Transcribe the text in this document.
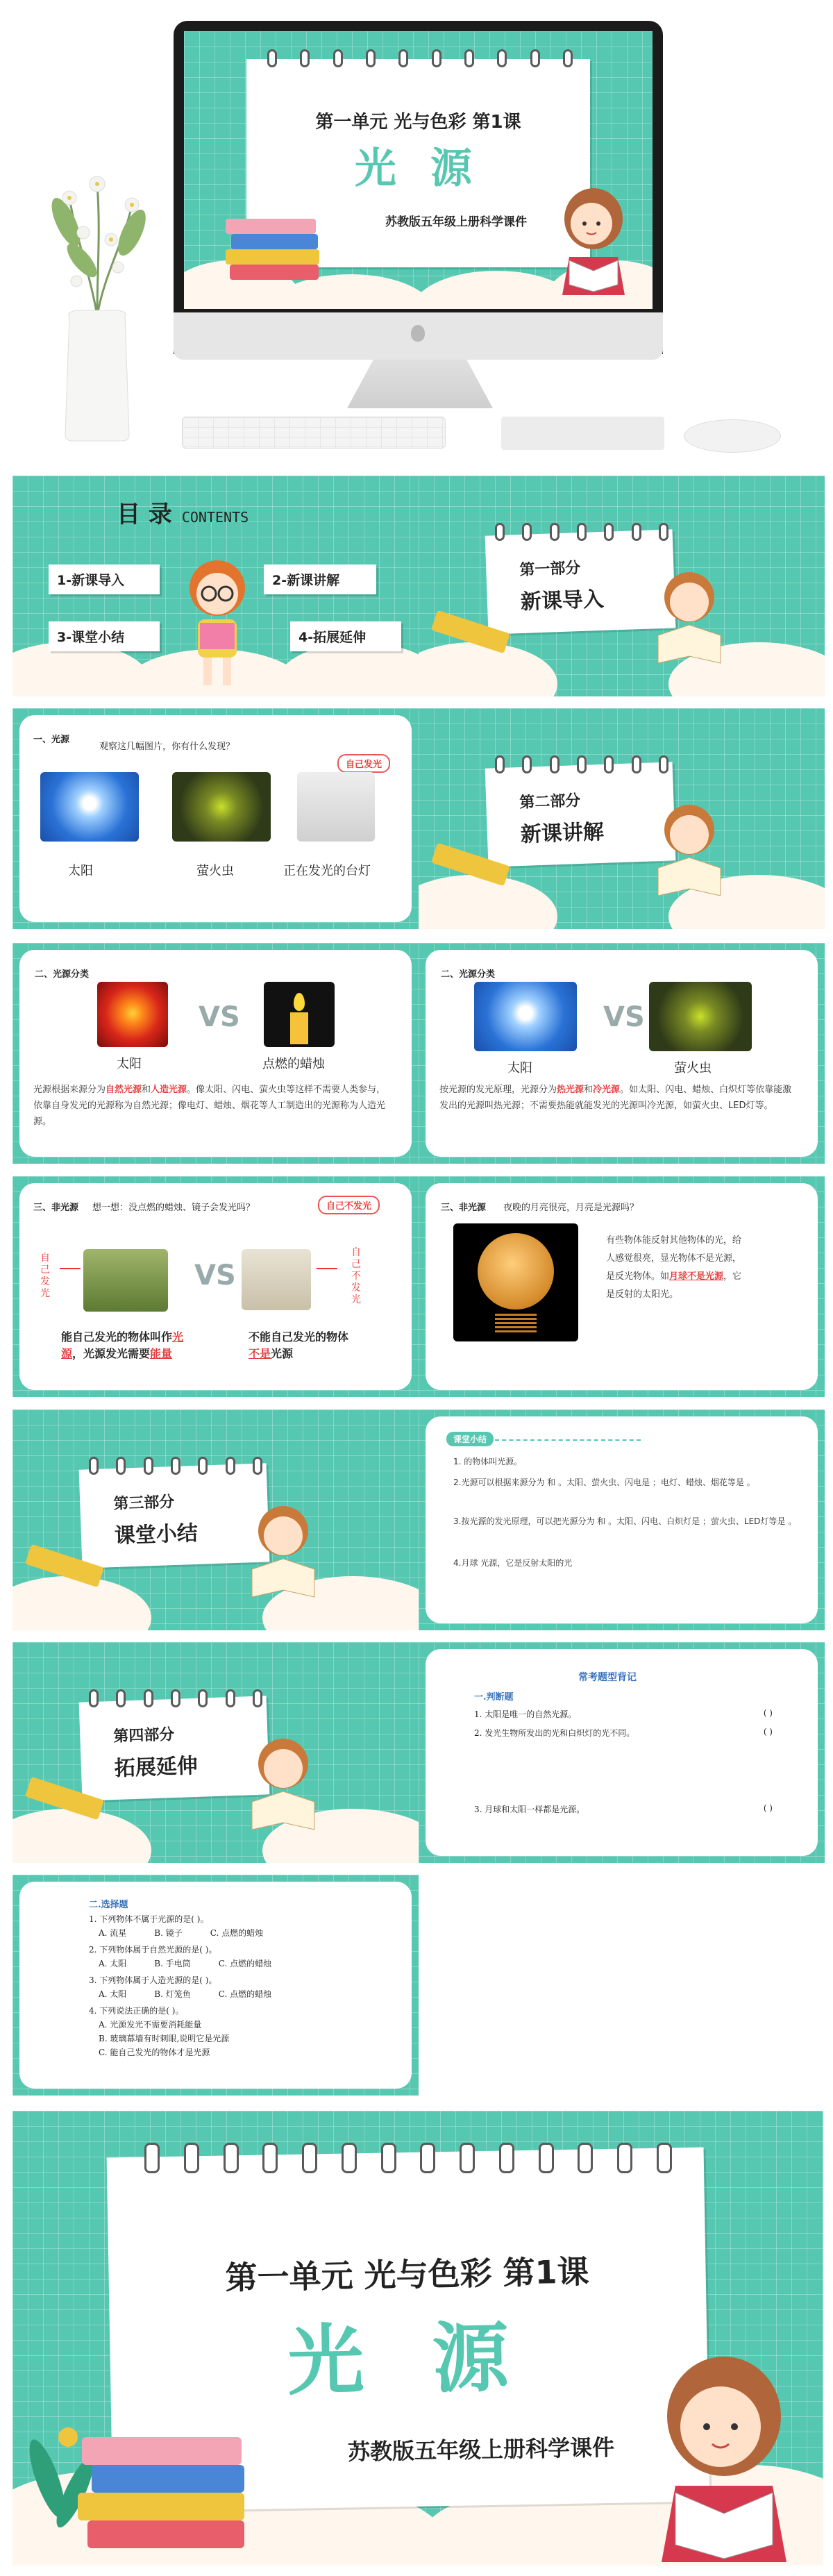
第一单元 光与色彩 第1课
光 源
苏教版五年级上册科学课件
目 录 CONTENTS
1-新课导入	2-新课讲解
3-课堂小结	4-拓展延伸
第一部分
新课导入
一、光源
观察这几幅图片，你有什么发现？
自己发光
太阳	萤火虫	正在发光的台灯
第二部分
新课讲解
二、光源分类
VS
太阳	点燃的蜡烛
光源根据来源分为自然光源和人造光源。像太阳、闪电、萤火虫等这样不需要人类参与，依靠自身发光的光源称为自然光源；像电灯、蜡烛、烟花等人工制造出的光源称为人造光源。
二、光源分类
VS
太阳	萤火虫
按光源的发光原理，光源分为热光源和冷光源。如太阳、闪电、蜡烛、白炽灯等依靠能激发出的光源叫热光源；不需要热能就能发光的光源叫冷光源，如萤火虫、LED灯等。
三、非光源 想一想：没点燃的蜡烛、镜子会发光吗？	自己不发光
自己发光
VS
自己不发光
能自己发光的物体叫作光源，光源发光需要能量
不能自己发光的物体
不是光源
三、非光源 夜晚的月亮很亮，月亮是光源吗？
有些物体能反射其他物体的光，给人感觉很亮，显光物体不是光源，是反光物体。如月球不是光源，它是反射的太阳光。
第三部分
课堂小结
课堂小结
1. 的物体叫光源。
2.光源可以根据来源分为 和 。太阳、萤火虫、闪电是 ；电灯、蜡烛、烟花等是 。
3.按光源的发光原理，可以把光源分为 和 。太阳、闪电、白炽灯是 ；萤火虫、LED灯等是 。
4.月球 光源，它是反射太阳的光
第四部分
拓展延伸
常考题型背记
一.判断题
1. 太阳是唯一的自然光源。	( )
2. 发光生物所发出的光和白炽灯的光不同。	( )
3. 月球和太阳一样都是光源。	( )
二.选择题
1. 下列物体不属于光源的是( )。
A. 流星	B. 镜子	C. 点燃的蜡烛
2. 下列物体属于自然光源的是( )。
A. 太阳	B. 手电筒	C. 点燃的蜡烛
3. 下列物体属于人造光源的是( )。
A. 太阳	B. 灯笼鱼	C. 点燃的蜡烛
4. 下列说法正确的是( )。
A. 光源发光不需要消耗能量
B. 玻璃幕墙有时刺眼,说明它是光源
C. 能自己发光的物体才是光源
第一单元 光与色彩 第1课
光 源
苏教版五年级上册科学课件
